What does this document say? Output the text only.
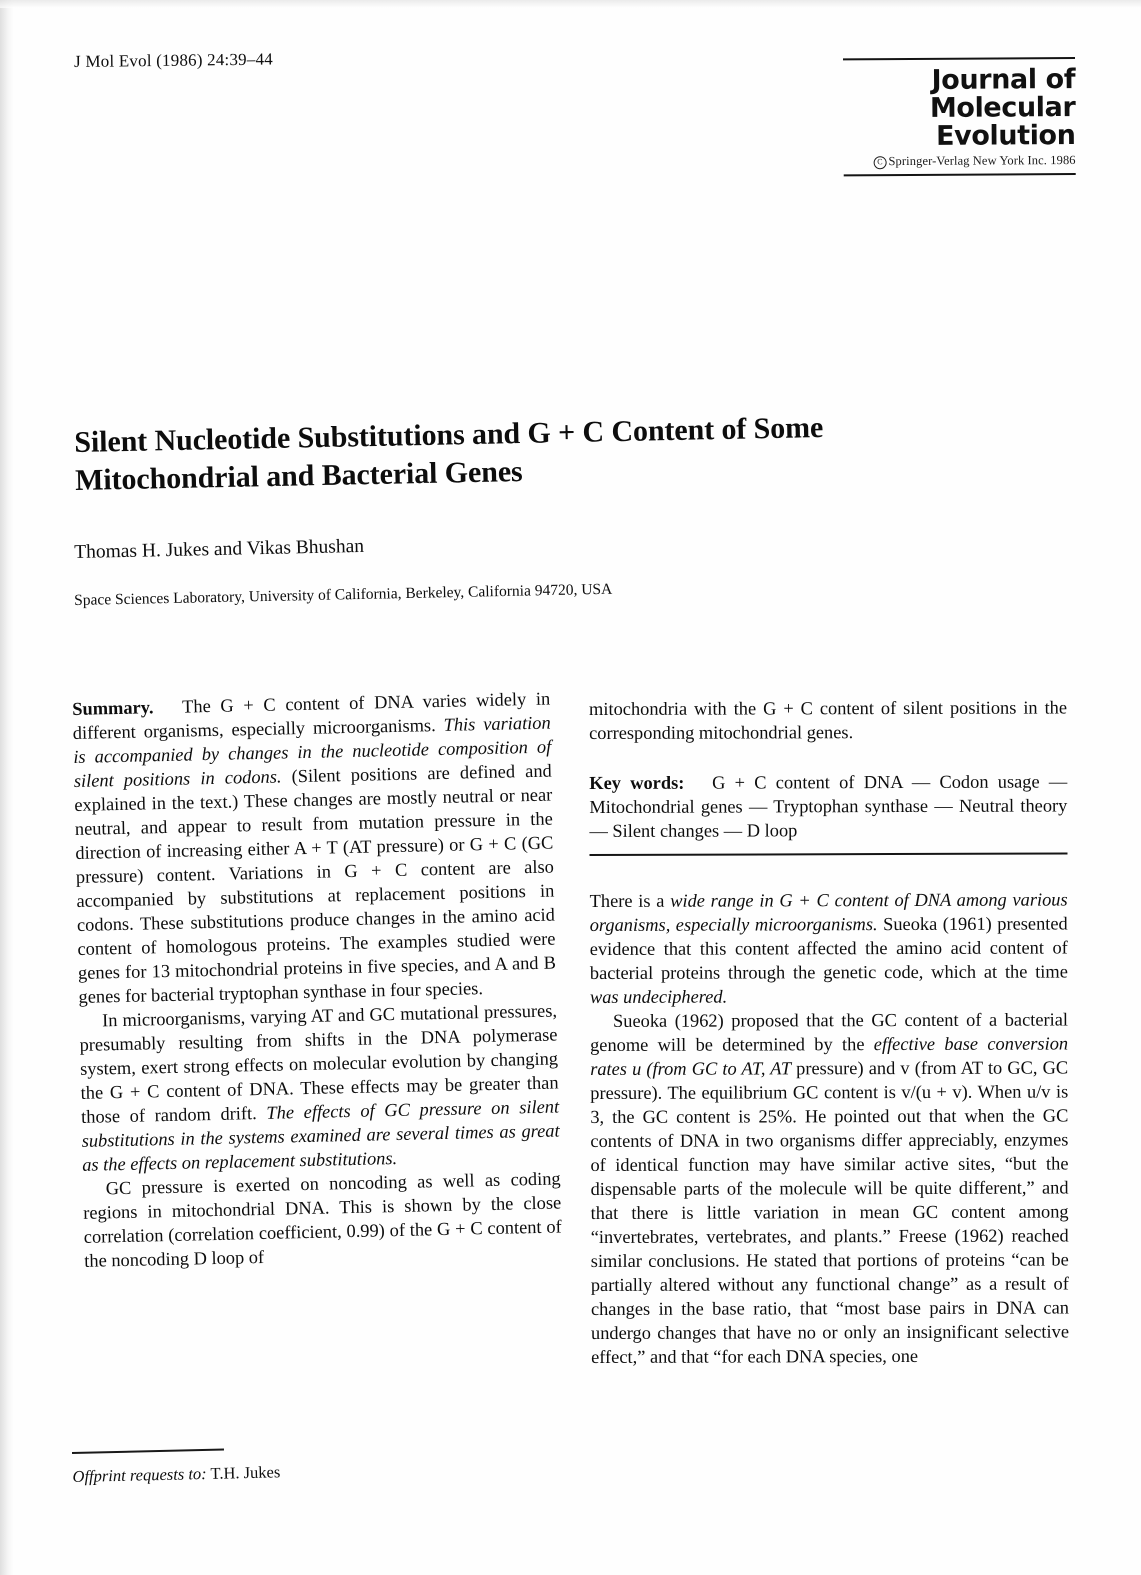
J Mol Evol (1986) 24:39–44
Journal of
Molecular Evolution
C Springer-Verlag New York Inc. 1986
Silent Nucleotide Substitutions and G + C Content of Some Mitochondrial and Bacterial Genes
Thomas H. Jukes and Vikas Bhushan
Space Sciences Laboratory, University of California, Berkeley, California 94720, USA

Summary. The G + C content of DNA varies widely in different organisms, especially microorganisms. This variation is accompanied by changes in the nucleotide composition of silent positions in codons. (Silent positions are defined and explained in the text.) These changes are mostly neutral or near neutral, and appear to result from mutation pressure in the direction of increasing either A + T (AT pressure) or G + C (GC pressure) content. Variations in G + C content are also accompanied by substitutions at replacement positions in codons. These substitutions produce changes in the amino acid content of homologous proteins. The examples studied were genes for 13 mitochondrial proteins in five species, and A and B genes for bacterial tryptophan synthase in four species.

In microorganisms, varying AT and GC mutational pressures, presumably resulting from shifts in the DNA polymerase system, exert strong effects on molecular evolution by changing the G + C content of DNA. These effects may be greater than those of random drift. The effects of GC pressure on silent substitutions in the systems examined are several times as great as the effects on replacement substitutions.

GC pressure is exerted on noncoding as well as coding regions in mitochondrial DNA. This is shown by the close correlation (correlation coefficient, 0.99) of the G + C content of the noncoding D loop of

mitochondria with the G + C content of silent positions in the corresponding mitochondrial genes.

Key words: G + C content of DNA — Codon usage — Mitochondrial genes — Tryptophan synthase — Neutral theory — Silent changes — D loop

There is a wide range in G + C content of DNA among various organisms, especially microorganisms. Sueoka (1961) presented evidence that this content affected the amino acid content of bacterial proteins through the genetic code, which at the time was undeciphered.

Sueoka (1962) proposed that the GC content of a bacterial genome will be determined by the effective base conversion rates u (from GC to AT, AT pressure) and v (from AT to GC, GC pressure). The equilibrium GC content is v/(u + v). When u/v is 3, the GC content is 25%. He pointed out that when the GC contents of DNA in two organisms differ appreciably, enzymes of identical function may have similar active sites, “but the dispensable parts of the molecule will be quite different,” and that there is little variation in mean GC content among “invertebrates, vertebrates, and plants.” Freese (1962) reached similar conclusions. He stated that portions of proteins “can be partially altered without any functional change” as a result of changes in the base ratio, that “most base pairs in DNA can undergo changes that have no or only an insignificant selective effect,” and that “for each DNA species, one

Offprint requests to: T.H. Jukes
